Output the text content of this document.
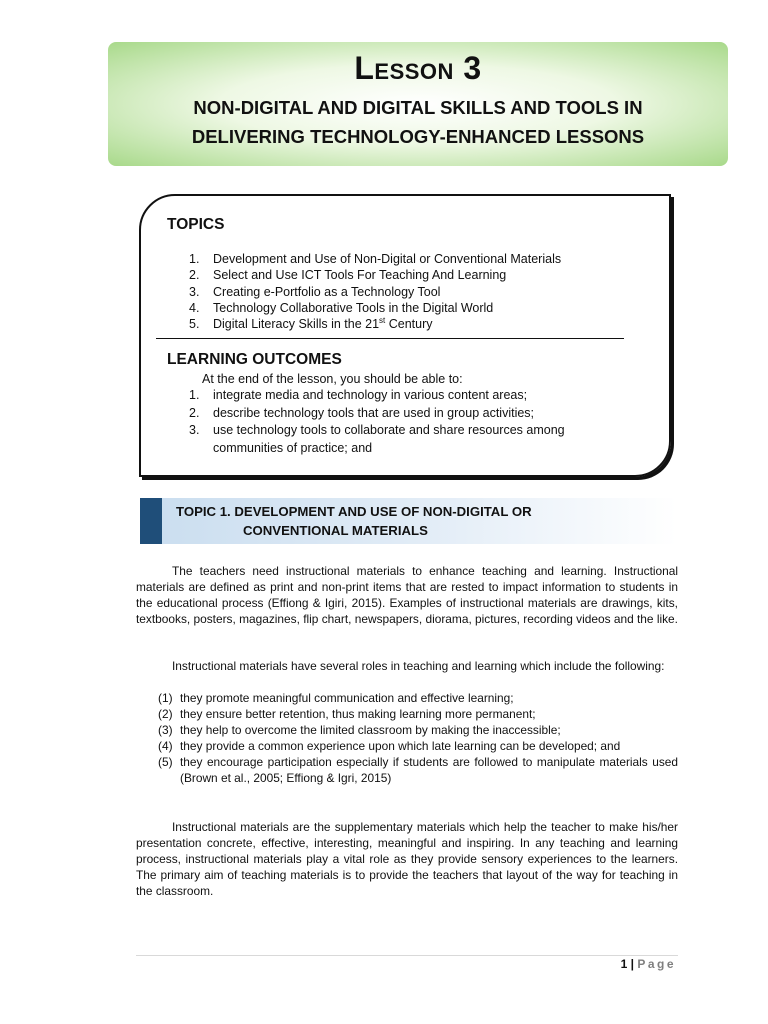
Lesson 3
NON-DIGITAL AND DIGITAL SKILLS AND TOOLS IN
DELIVERING TECHNOLOGY-ENHANCED LESSONS
TOPICS
1. Development and Use of Non-Digital or Conventional Materials
2. Select and Use ICT Tools For Teaching And Learning
3. Creating e-Portfolio as a Technology Tool
4. Technology Collaborative Tools in the Digital World
5. Digital Literacy Skills in the 21st Century
LEARNING OUTCOMES
At the end of the lesson, you should be able to:
1. integrate media and technology in various content areas;
2. describe technology tools that are used in group activities;
3. use technology tools to collaborate and share resources among communities of practice; and
TOPIC 1. DEVELOPMENT AND USE OF NON-DIGITAL OR
CONVENTIONAL MATERIALS

The teachers need instructional materials to enhance teaching and learning. Instructional materials are defined as print and non-print items that are rested to impact information to students in the educational process (Effiong & Igiri, 2015). Examples of instructional materials are drawings, kits, textbooks, posters, magazines, flip chart, newspapers, diorama, pictures, recording videos and the like.

Instructional materials have several roles in teaching and learning which include the following:

(1) they promote meaningful communication and effective learning;
(2) they ensure better retention, thus making learning more permanent;
(3) they help to overcome the limited classroom by making the inaccessible;
(4) they provide a common experience upon which late learning can be developed; and
(5) they encourage participation especially if students are followed to manipulate materials used (Brown et al., 2005; Effiong & Igri, 2015)

Instructional materials are the supplementary materials which help the teacher to make his/her presentation concrete, effective, interesting, meaningful and inspiring. In any teaching and learning process, instructional materials play a vital role as they provide sensory experiences to the learners. The primary aim of teaching materials is to provide the teachers that layout of the way for teaching in the classroom.

1 | Page
